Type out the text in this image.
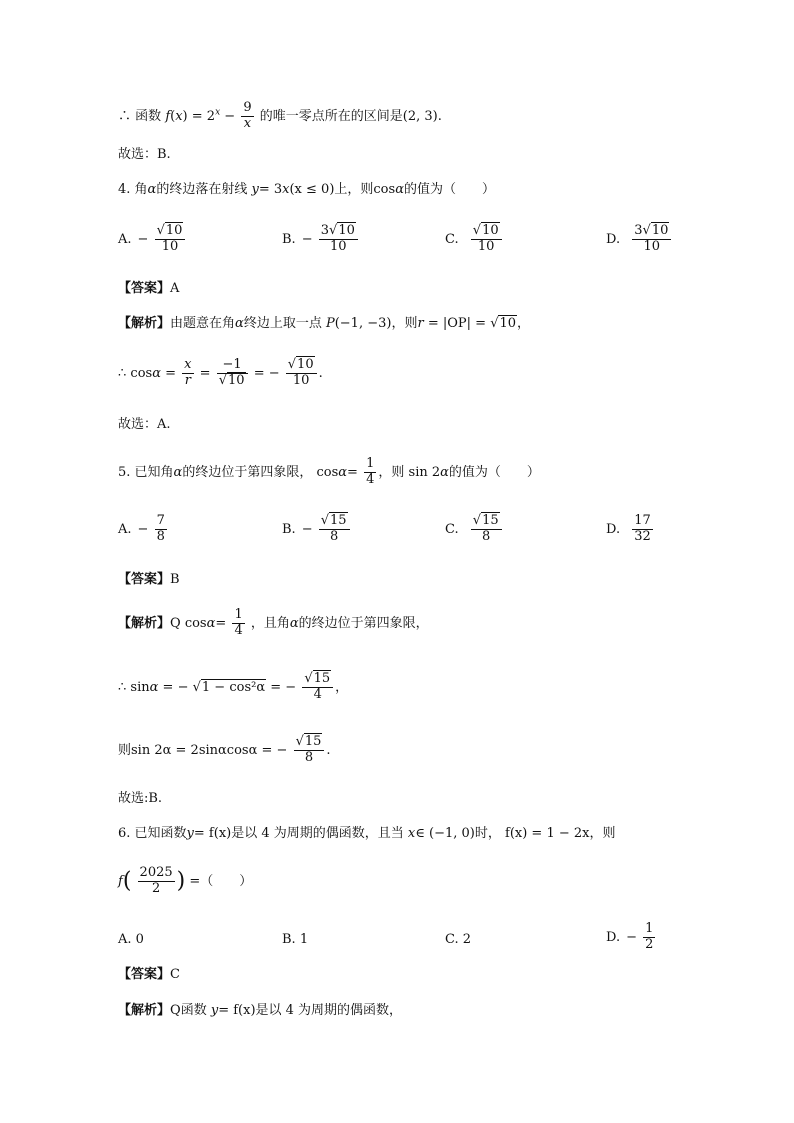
∴ 函数 $f(x) = 2^x - \frac{9}{x}$ 的唯一零点所在的区间是(2, 3).
故选：B.
4. 角α的终边落在射线 y= 3x(x ≤ 0)上，则cosα的值为（　　）
A. − $\frac{√10}{10}$	B. − $\frac{3√10}{10}$	C. $\frac{√10}{10}$	D. $\frac{3√10}{10}$
【答案】A
【解析】由题意在角α终边上取一点 P(−1, −3)，则r = |OP| = √10，
∴ $\cos\alpha = \frac{x}{r} = \frac{-1}{√10}$ = − $\frac{√10}{10}$ .
故选：A.
5. 已知角α的终边位于第四象限， $\cos\alpha= \frac{1}{4}$ ，则 sin 2α的值为（　　）
A. − $\frac{7}{8}$	B. − $\frac{√15}{8}$	C. $\frac{√15}{8}$	D. $\frac{17}{32}$
【答案】B
【解析】Q $\cos\alpha= \frac{1}{4}$ ，且角α的终边位于第四象限，
∴ sinα = − √1 − cos²α = − $\frac{√15}{4}$ ，
则sin 2α = 2sinαcosα = − $\frac{√15}{8}$ .
故选:B.
6. 已知函数y= f(x)是以 4 为周期的偶函数，且当 x∈ (−1, 0)时， f(x) = 1 − 2x，则
$f( \frac{2025}{2}$ ) =（　　）
A. 0	B. 1	C. 2	D. − $\frac{1}{2}$
【答案】C
【解析】Q函数 y= f(x)是以 4 为周期的偶函数，
